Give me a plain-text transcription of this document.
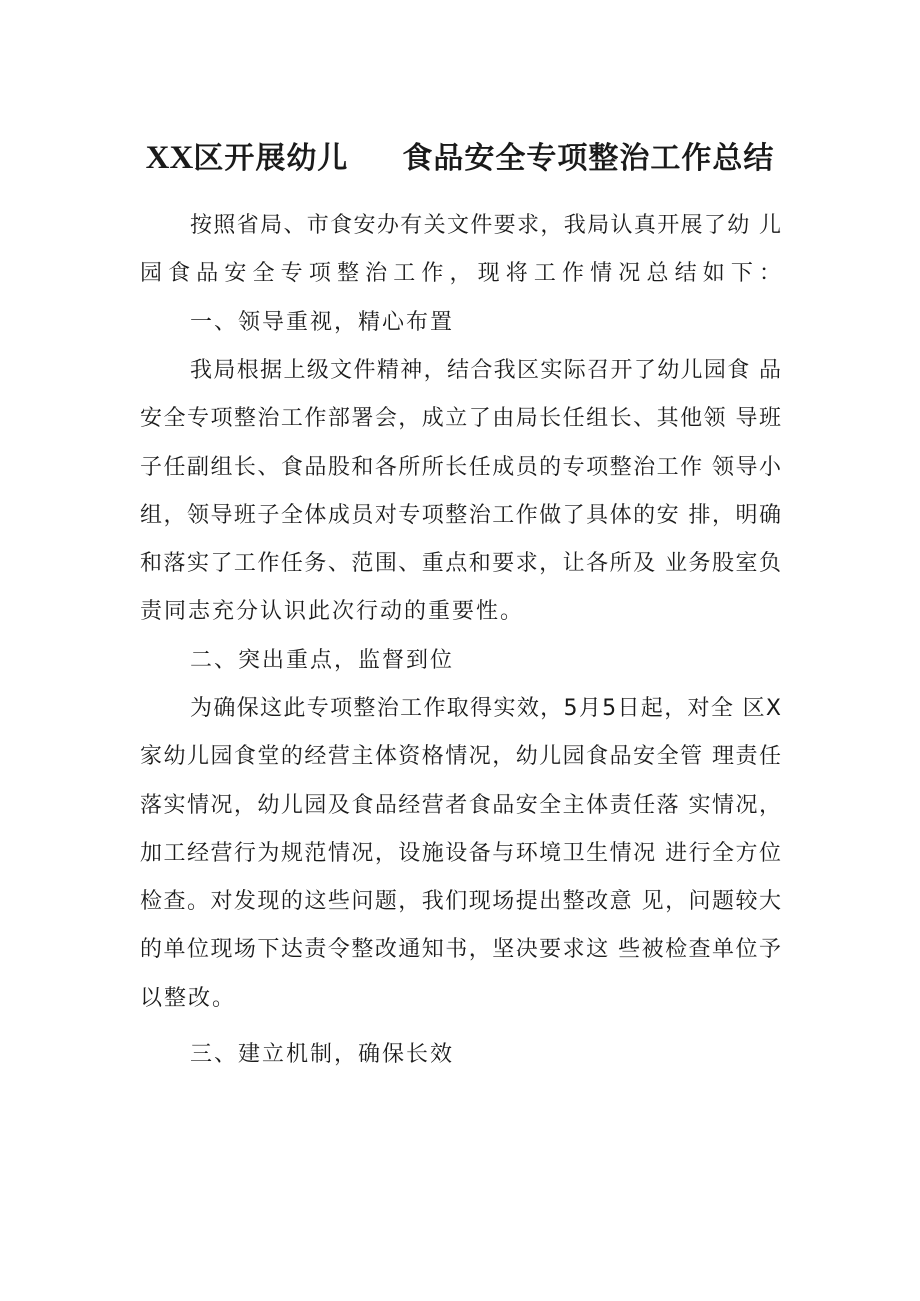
XX区开展幼儿 食品安全专项整治工作总结
按照省局、市食安办有关文件要求，我局认真开展了幼 儿
园食品安全专项整治工作，现将工作情况总结如下：
一、领导重视，精心布置
我局根据上级文件精神，结合我区实际召开了幼儿园食 品
安全专项整治工作部署会，成立了由局长任组长、其他领 导班
子任副组长、食品股和各所所长任成员的专项整治工作 领导小
组，领导班子全体成员对专项整治工作做了具体的安 排，明确
和落实了工作任务、范围、重点和要求，让各所及 业务股室负
责同志充分认识此次行动的重要性。
二、突出重点，监督到位
为确保这此专项整治工作取得实效，5月5日起，对全 区X
家幼儿园食堂的经营主体资格情况，幼儿园食品安全管 理责任
落实情况，幼儿园及食品经营者食品安全主体责任落 实情况，
加工经营行为规范情况，设施设备与环境卫生情况 进行全方位
检查。对发现的这些问题，我们现场提出整改意 见，问题较大
的单位现场下达责令整改通知书，坚决要求这 些被检查单位予
以整改。
三、建立机制，确保长效
